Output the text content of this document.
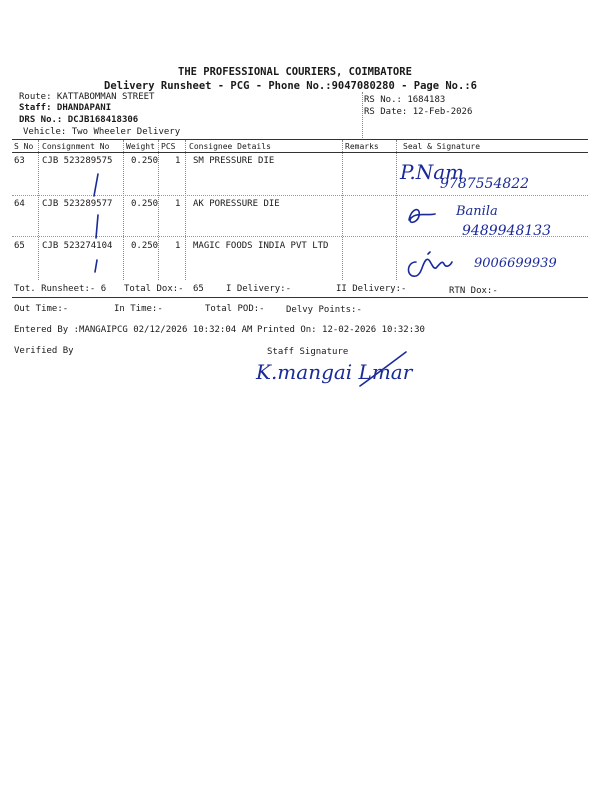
THE PROFESSIONAL COURIERS, COIMBATORE
Delivery Runsheet - PCG - Phone No.:9047080280 - Page No.:6
Route: KATTABOMMAN STREET
Staff: DHANDAPANI
DRS No.: DCJB168418306
Vehicle: Two Wheeler Delivery
RS No.: 1684183
RS Date: 12-Feb-2026
S No Consignment No Weight PCS Consignee Details	Remarks	Seal & Signature
63 CJB 523289575 0.250 1 SM PRESSURE DIE
64 CJB 523289577 0.250 1 AK PORESSURE DIE
65 CJB 523274104 0.250 1 MAGIC FOODS INDIA PVT LTD
P.Nam
9787554822
Banila
9489948133
9006699939
Tot. Runsheet:- 6 Total Dox:- 65 I Delivery:-	II Delivery:-	RTN Dox:-
Out Time:-	In Time:-	Total POD:- Delvy Points:-
Entered By :MANGAIPCG 02/12/2026 10:32:04 AM Printed On: 12-02-2026 10:32:30
Verified By	Staff Signature
K.mangai Lmar
